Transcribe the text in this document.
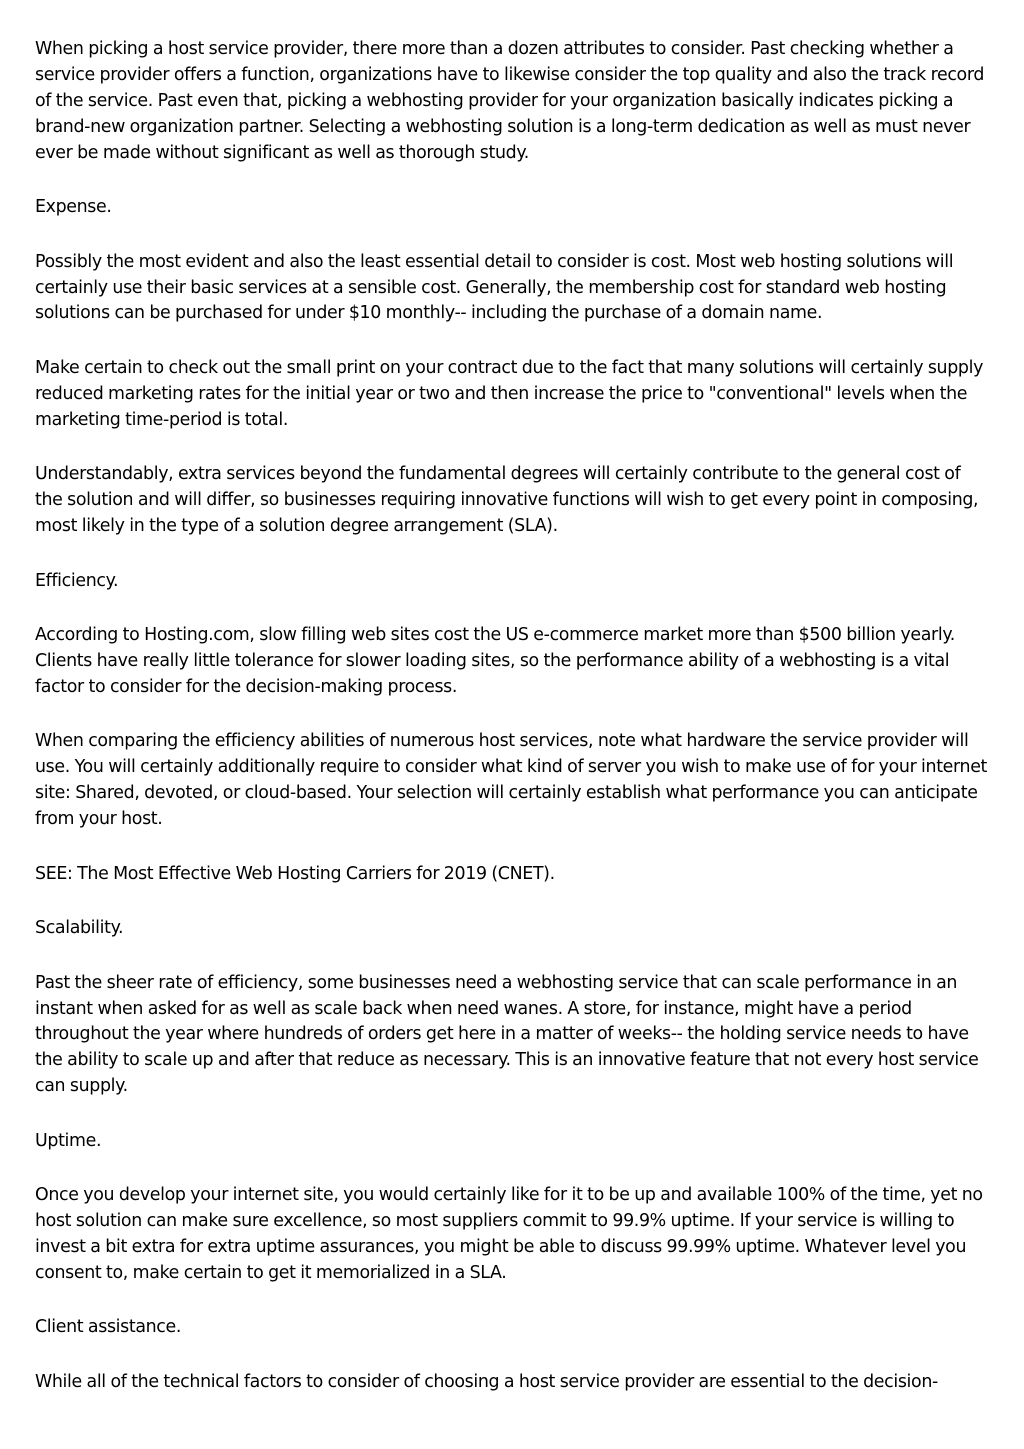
When picking a host service provider, there more than a dozen attributes to consider. Past checking whether a service provider offers a function, organizations have to likewise consider the top quality and also the track record of the service. Past even that, picking a webhosting provider for your organization basically indicates picking a brand-new organization partner. Selecting a webhosting solution is a long-term dedication as well as must never ever be made without significant as well as thorough study.

Expense.

Possibly the most evident and also the least essential detail to consider is cost. Most web hosting solutions will certainly use their basic services at a sensible cost. Generally, the membership cost for standard web hosting solutions can be purchased for under $10 monthly-- including the purchase of a domain name.

Make certain to check out the small print on your contract due to the fact that many solutions will certainly supply reduced marketing rates for the initial year or two and then increase the price to "conventional" levels when the marketing time-period is total.

Understandably, extra services beyond the fundamental degrees will certainly contribute to the general cost of the solution and will differ, so businesses requiring innovative functions will wish to get every point in composing, most likely in the type of a solution degree arrangement (SLA).

Efficiency.

According to Hosting.com, slow filling web sites cost the US e-commerce market more than $500 billion yearly. Clients have really little tolerance for slower loading sites, so the performance ability of a webhosting is a vital factor to consider for the decision-making process.

When comparing the efficiency abilities of numerous host services, note what hardware the service provider will use. You will certainly additionally require to consider what kind of server you wish to make use of for your internet site: Shared, devoted, or cloud-based. Your selection will certainly establish what performance you can anticipate from your host.

SEE: The Most Effective Web Hosting Carriers for 2019 (CNET).

Scalability.

Past the sheer rate of efficiency, some businesses need a webhosting service that can scale performance in an instant when asked for as well as scale back when need wanes. A store, for instance, might have a period throughout the year where hundreds of orders get here in a matter of weeks-- the holding service needs to have the ability to scale up and after that reduce as necessary. This is an innovative feature that not every host service can supply.

Uptime.

Once you develop your internet site, you would certainly like for it to be up and available 100% of the time, yet no host solution can make sure excellence, so most suppliers commit to 99.9% uptime. If your service is willing to invest a bit extra for extra uptime assurances, you might be able to discuss 99.99% uptime. Whatever level you consent to, make certain to get it memorialized in a SLA.

Client assistance.

While all of the technical factors to consider of choosing a host service provider are essential to the decision-
